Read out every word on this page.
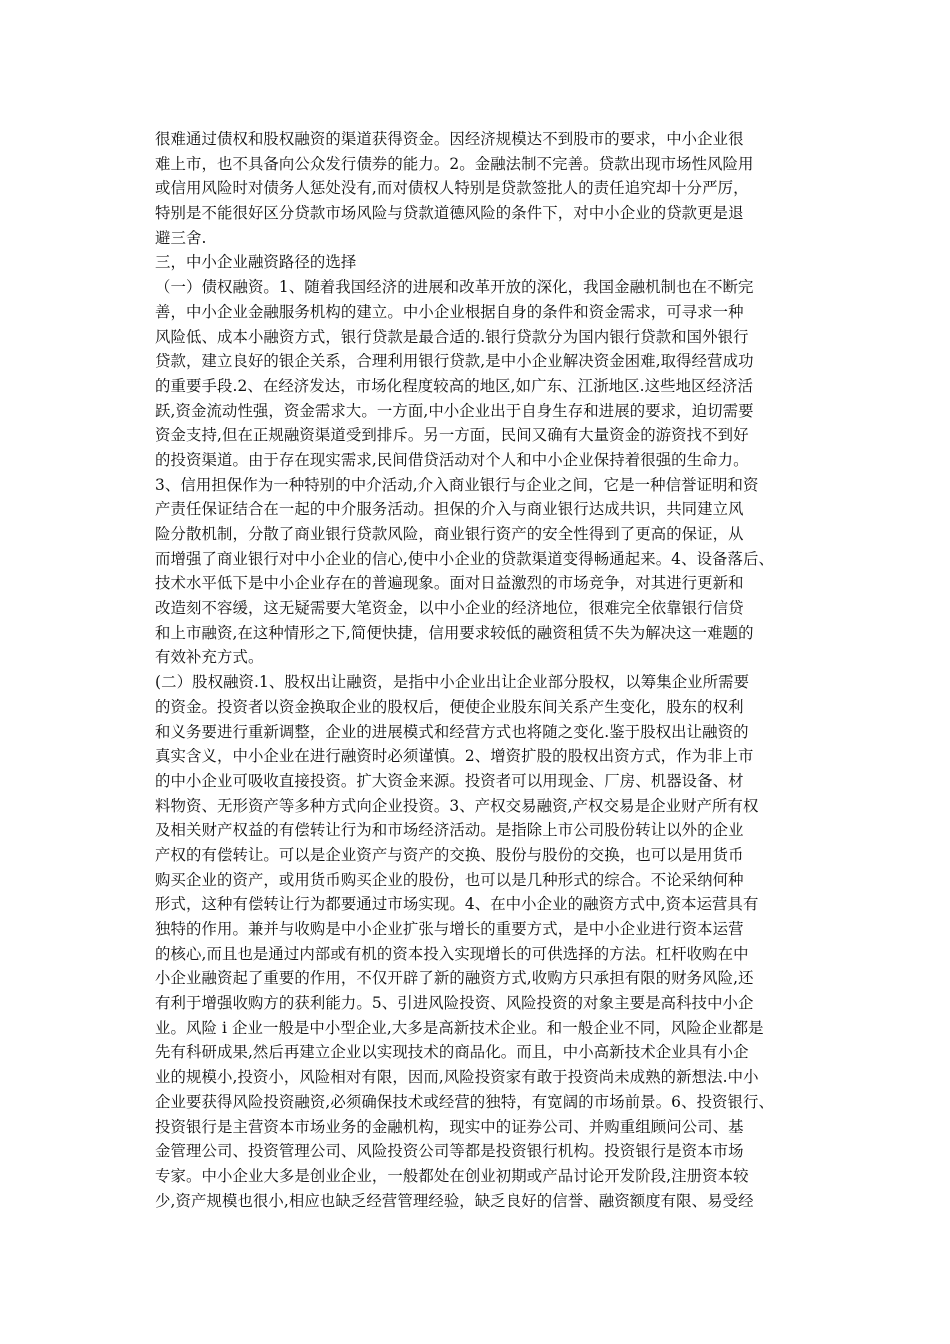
很难通过债权和股权融资的渠道获得资金。因经济规模达不到股市的要求，中小企业很
难上市，也不具备向公众发行债券的能力。2。金融法制不完善。贷款出现市场性风险用
或信用风险时对债务人惩处没有,而对债权人特别是贷款签批人的责任追究却十分严厉，
特别是不能很好区分贷款市场风险与贷款道德风险的条件下，对中小企业的贷款更是退
避三舍.
三，中小企业融资路径的选择
（一）债权融资。1、随着我国经济的进展和改革开放的深化，我国金融机制也在不断完
善，中小企业金融服务机构的建立。中小企业根据自身的条件和资金需求，可寻求一种
风险低、成本小融资方式，银行贷款是最合适的.银行贷款分为国内银行贷款和国外银行
贷款，建立良好的银企关系，合理利用银行贷款,是中小企业解决资金困难,取得经营成功
的重要手段.2、在经济发达，市场化程度较高的地区,如广东、江浙地区.这些地区经济活
跃,资金流动性强，资金需求大。一方面,中小企业出于自身生存和进展的要求，迫切需要
资金支持,但在正规融资渠道受到排斥。另一方面，民间又确有大量资金的游资找不到好
的投资渠道。由于存在现实需求,民间借贷活动对个人和中小企业保持着很强的生命力。
3、信用担保作为一种特别的中介活动,介入商业银行与企业之间，它是一种信誉证明和资
产责任保证结合在一起的中介服务活动。担保的介入与商业银行达成共识，共同建立风
险分散机制，分散了商业银行贷款风险，商业银行资产的安全性得到了更高的保证，从
而增强了商业银行对中小企业的信心,使中小企业的贷款渠道变得畅通起来。4、设备落后、
技术水平低下是中小企业存在的普遍现象。面对日益激烈的市场竞争，对其进行更新和
改造刻不容缓，这无疑需要大笔资金，以中小企业的经济地位，很难完全依靠银行信贷
和上市融资,在这种情形之下,简便快捷，信用要求较低的融资租赁不失为解决这一难题的
有效补充方式。
(二）股权融资.1、股权出让融资，是指中小企业出让企业部分股权，以筹集企业所需要
的资金。投资者以资金换取企业的股权后，便使企业股东间关系产生变化，股东的权利
和义务要进行重新调整，企业的进展模式和经营方式也将随之变化.鉴于股权出让融资的
真实含义，中小企业在进行融资时必须谨慎。2、增资扩股的股权出资方式，作为非上市
的中小企业可吸收直接投资。扩大资金来源。投资者可以用现金、厂房、机器设备、材
料物资、无形资产等多种方式向企业投资。3、产权交易融资,产权交易是企业财产所有权
及相关财产权益的有偿转让行为和市场经济活动。是指除上市公司股份转让以外的企业
产权的有偿转让。可以是企业资产与资产的交换、股份与股份的交换，也可以是用货币
购买企业的资产，或用货币购买企业的股份，也可以是几种形式的综合。不论采纳何种
形式，这种有偿转让行为都要通过市场实现。4、在中小企业的融资方式中,资本运营具有
独特的作用。兼并与收购是中小企业扩张与增长的重要方式，是中小企业进行资本运营
的核心,而且也是通过内部或有机的资本投入实现增长的可供选择的方法。杠杆收购在中
小企业融资起了重要的作用，不仅开辟了新的融资方式,收购方只承担有限的财务风险,还
有利于增强收购方的获利能力。5、引进风险投资、风险投资的对象主要是高科技中小企
业。风险 i 企业一般是中小型企业,大多是高新技术企业。和一般企业不同，风险企业都是
先有科研成果,然后再建立企业以实现技术的商品化。而且，中小高新技术企业具有小企
业的规模小,投资小，风险相对有限，因而,风险投资家有敢于投资尚未成熟的新想法.中小
企业要获得风险投资融资,必须确保技术或经营的独特，有宽阔的市场前景。6、投资银行、
投资银行是主营资本市场业务的金融机构，现实中的证券公司、并购重组顾问公司、基
金管理公司、投资管理公司、风险投资公司等都是投资银行机构。投资银行是资本市场
专家。中小企业大多是创业企业，一般都处在创业初期或产品讨论开发阶段,注册资本较
少,资产规模也很小,相应也缺乏经营管理经验，缺乏良好的信誉、融资额度有限、易受经
